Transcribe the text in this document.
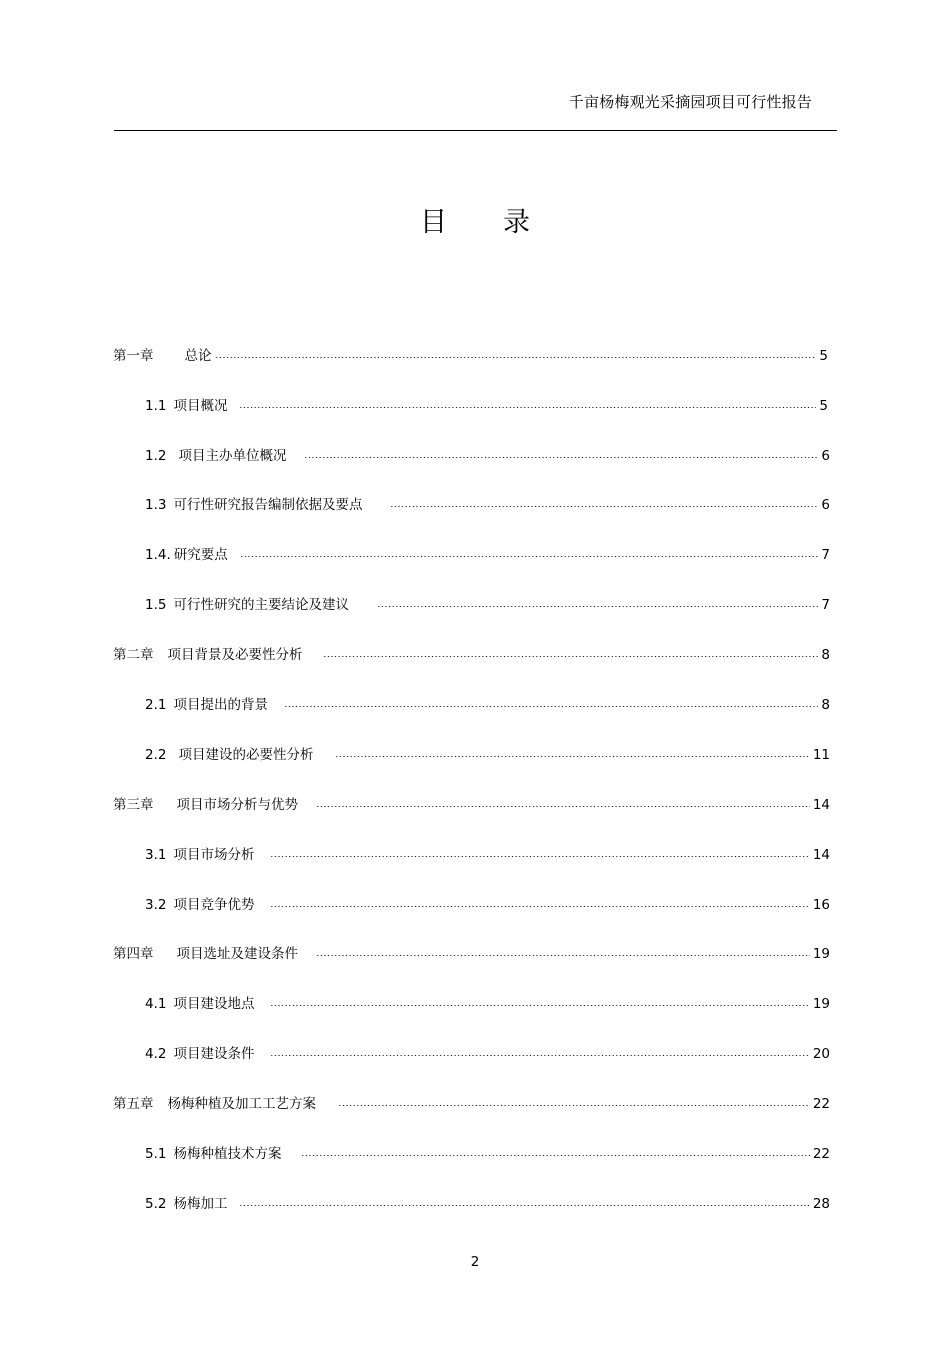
千亩杨梅观光采摘园项目可行性报告
目录
第一章 总论	5
1.1 项目概况	5
1.2 项目主办单位概况	6
1.3 可行性研究报告编制依据及要点	6
1.4. 研究要点	7
1.5 可行性研究的主要结论及建议	7
第二章 项目背景及必要性分析	8
2.1 项目提出的背景	8
2.2 项目建设的必要性分析	11
第三章 项目市场分析与优势	14
3.1 项目市场分析	14
3.2 项目竞争优势	16
第四章 项目选址及建设条件	19
4.1 项目建设地点	19
4.2 项目建设条件	20
第五章 杨梅种植及加工工艺方案	22
5.1 杨梅种植技术方案	22
5.2 杨梅加工	28
2
